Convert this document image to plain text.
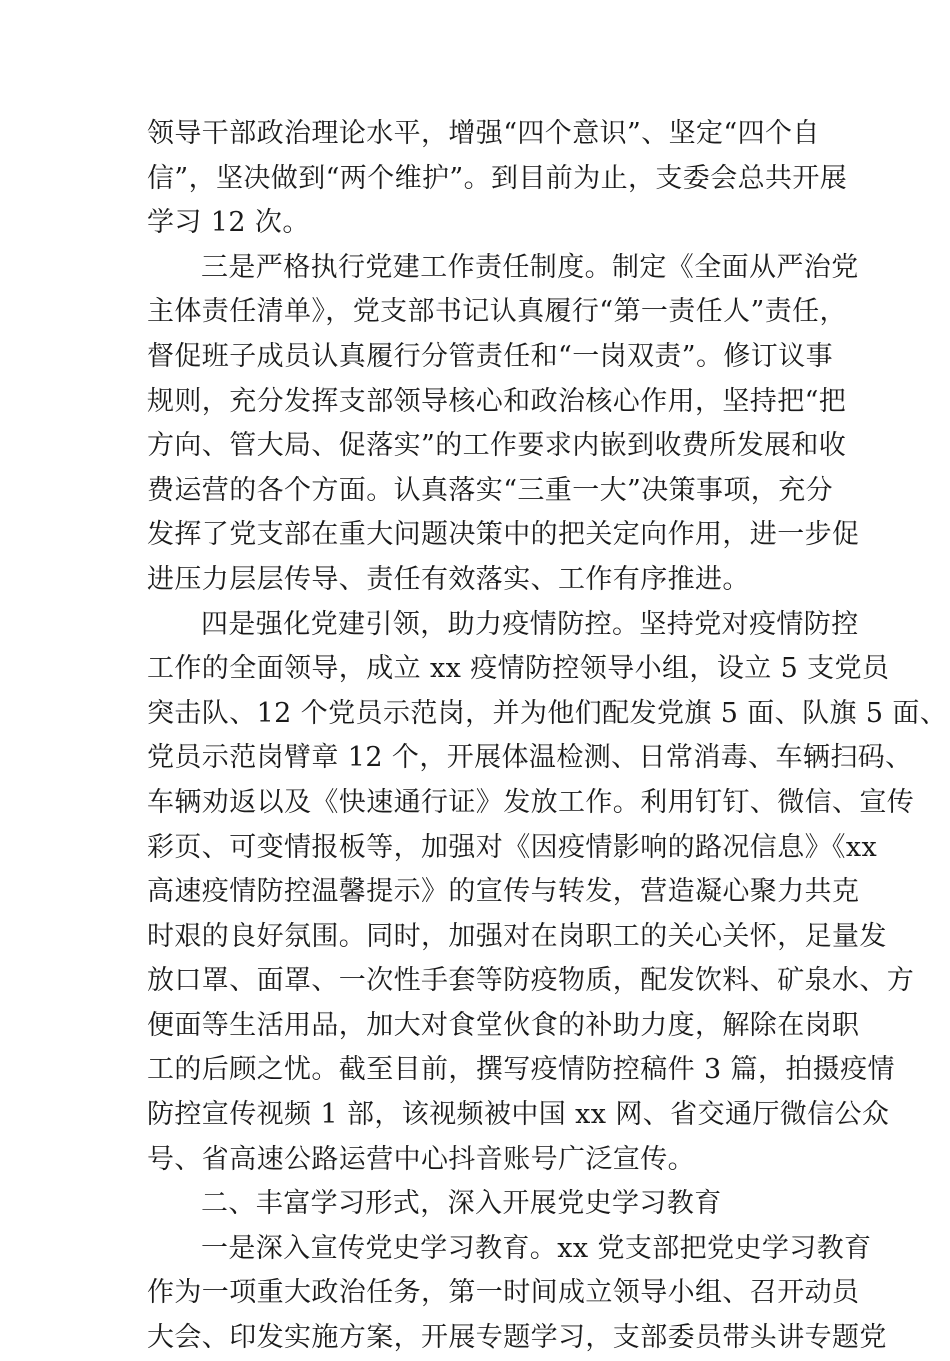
领导干部政治理论水平，增强“四个意识”、坚定“四个自
信”，坚决做到“两个维护”。到目前为止，支委会总共开展
学习 12 次。
三是严格执行党建工作责任制度。制定《全面从严治党
主体责任清单》，党支部书记认真履行“第一责任人”责任，
督促班子成员认真履行分管责任和“一岗双责”。修订议事
规则，充分发挥支部领导核心和政治核心作用，坚持把“把
方向、管大局、促落实”的工作要求内嵌到收费所发展和收
费运营的各个方面。认真落实“三重一大”决策事项，充分
发挥了党支部在重大问题决策中的把关定向作用，进一步促
进压力层层传导、责任有效落实、工作有序推进。
四是强化党建引领，助力疫情防控。坚持党对疫情防控
工作的全面领导，成立 xx 疫情防控领导小组，设立 5 支党员
突击队、12 个党员示范岗，并为他们配发党旗 5 面、队旗 5 面、
党员示范岗臂章 12 个，开展体温检测、日常消毒、车辆扫码、
车辆劝返以及《快速通行证》发放工作。利用钉钉、微信、宣传
彩页、可变情报板等，加强对《因疫情影响的路况信息》《xx
高速疫情防控温馨提示》的宣传与转发，营造凝心聚力共克
时艰的良好氛围。同时，加强对在岗职工的关心关怀，足量发
放口罩、面罩、一次性手套等防疫物质，配发饮料、矿泉水、方
便面等生活用品，加大对食堂伙食的补助力度，解除在岗职
工的后顾之忧。截至目前，撰写疫情防控稿件 3 篇，拍摄疫情
防控宣传视频 1 部，该视频被中国 xx 网、省交通厅微信公众
号、省高速公路运营中心抖音账号广泛宣传。
二、丰富学习形式，深入开展党史学习教育
一是深入宣传党史学习教育。xx 党支部把党史学习教育
作为一项重大政治任务，第一时间成立领导小组、召开动员
大会、印发实施方案，开展专题学习，支部委员带头讲专题党
